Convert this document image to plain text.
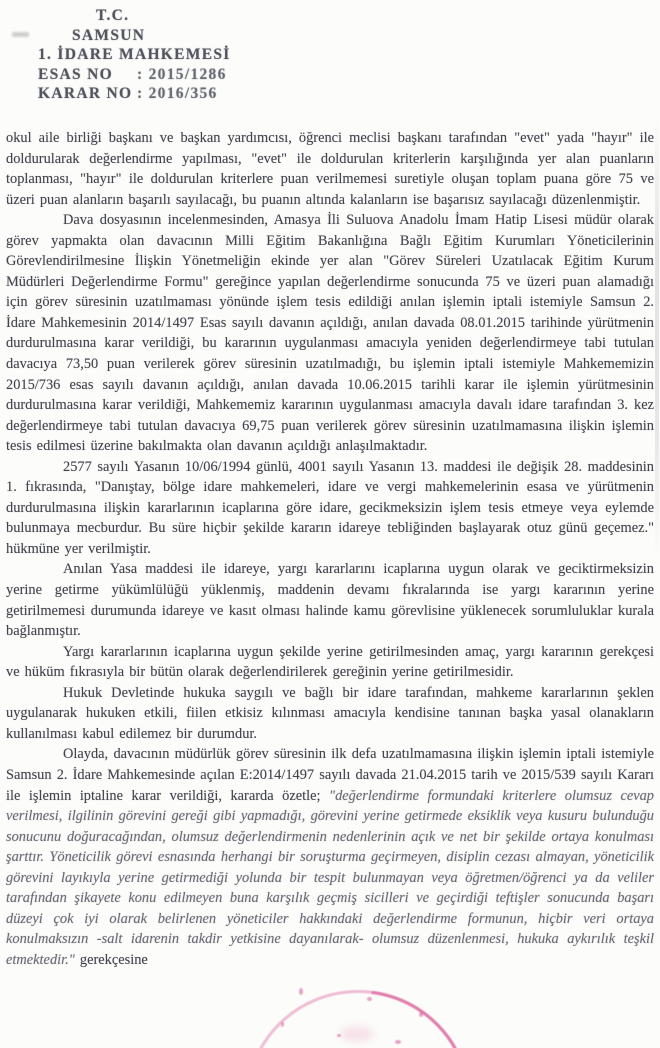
T.C.
SAMSUN
1. İDARE MAHKEMESİ
ESAS NO : 2015/1286
KARAR NO : 2016/356

okul aile birliği başkanı ve başkan yardımcısı, öğrenci meclisi başkanı tarafından "evet" yada "hayır" ile doldurularak değerlendirme yapılması, "evet" ile doldurulan kriterlerin karşılığında yer alan puanların toplanması, "hayır" ile doldurulan kriterlere puan verilmemesi suretiyle oluşan toplam puana göre 75 ve üzeri puan alanların başarılı sayılacağı, bu puanın altında kalanların ise başarısız sayılacağı düzenlenmiştir.

Dava dosyasının incelenmesinden, Amasya İli Suluova Anadolu İmam Hatip Lisesi müdür olarak görev yapmakta olan davacının Milli Eğitim Bakanlığına Bağlı Eğitim Kurumları Yöneticilerinin Görevlendirilmesine İlişkin Yönetmeliğin ekinde yer alan "Görev Süreleri Uzatılacak Eğitim Kurum Müdürleri Değerlendirme Formu" gereğince yapılan değerlendirme sonucunda 75 ve üzeri puan alamadığı için görev süresinin uzatılmaması yönünde işlem tesis edildiği anılan işlemin iptali istemiyle Samsun 2. İdare Mahkemesinin 2014/1497 Esas sayılı davanın açıldığı, anılan davada 08.01.2015 tarihinde yürütmenin durdurulmasına karar verildiği, bu kararının uygulanması amacıyla yeniden değerlendirmeye tabi tutulan davacıya 73,50 puan verilerek görev süresinin uzatılmadığı, bu işlemin iptali istemiyle Mahkememizin 2015/736 esas sayılı davanın açıldığı, anılan davada 10.06.2015 tarihli karar ile işlemin yürütmesinin durdurulmasına karar verildiği, Mahkememiz kararının uygulanması amacıyla davalı idare tarafından 3. kez değerlendirmeye tabi tutulan davacıya 69,75 puan verilerek görev süresinin uzatılmamasına ilişkin işlemin tesis edilmesi üzerine bakılmakta olan davanın açıldığı anlaşılmaktadır.

2577 sayılı Yasanın 10/06/1994 günlü, 4001 sayılı Yasanın 13. maddesi ile değişik 28. maddesinin 1. fıkrasında, "Danıştay, bölge idare mahkemeleri, idare ve vergi mahkemelerinin esasa ve yürütmenin durdurulmasına ilişkin kararlarının icaplarına göre idare, gecikmeksizin işlem tesis etmeye veya eylemde bulunmaya mecburdur. Bu süre hiçbir şekilde kararın idareye tebliğinden başlayarak otuz günü geçemez." hükmüne yer verilmiştir.

Anılan Yasa maddesi ile idareye, yargı kararlarını icaplarına uygun olarak ve geciktirmeksizin yerine getirme yükümlülüğü yüklenmiş, maddenin devamı fıkralarında ise yargı kararının yerine getirilmemesi durumunda idareye ve kasıt olması halinde kamu görevlisine yüklenecek sorumluluklar kurala bağlanmıştır.

Yargı kararlarının icaplarına uygun şekilde yerine getirilmesinden amaç, yargı kararının gerekçesi ve hüküm fıkrasıyla bir bütün olarak değerlendirilerek gereğinin yerine getirilmesidir.

Hukuk Devletinde hukuka saygılı ve bağlı bir idare tarafından, mahkeme kararlarının şeklen uygulanarak hukuken etkili, fiilen etkisiz kılınması amacıyla kendisine tanınan başka yasal olanakların kullanılması kabul edilemez bir durumdur.

Olayda, davacının müdürlük görev süresinin ilk defa uzatılmamasına ilişkin işlemin iptali istemiyle Samsun 2. İdare Mahkemesinde açılan E:2014/1497 sayılı davada 21.04.2015 tarih ve 2015/539 sayılı Kararı ile işlemin iptaline karar verildiği, kararda özetle; "değerlendirme formundaki kriterlere olumsuz cevap verilmesi, ilgilinin görevini gereği gibi yapmadığı, görevini yerine getirmede eksiklik veya kusuru bulunduğu sonucunu doğuracağından, olumsuz değerlendirmenin nedenlerinin açık ve net bir şekilde ortaya konulması şarttır. Yöneticilik görevi esnasında herhangi bir soruşturma geçirmeyen, disiplin cezası almayan, yöneticilik görevini layıkıyla yerine getirmediği yolunda bir tespit bulunmayan veya öğretmen/öğrenci ya da veliler tarafından şikayete konu edilmeyen buna karşılık geçmiş sicilleri ve geçirdiği teftişler sonucunda başarı düzeyi çok iyi olarak belirlenen yöneticiler hakkındaki değerlendirme formunun, hiçbir veri ortaya konulmaksızın -salt idarenin takdir yetkisine dayanılarak- olumsuz düzenlenmesi, hukuka aykırılık teşkil etmektedir." gerekçesine
